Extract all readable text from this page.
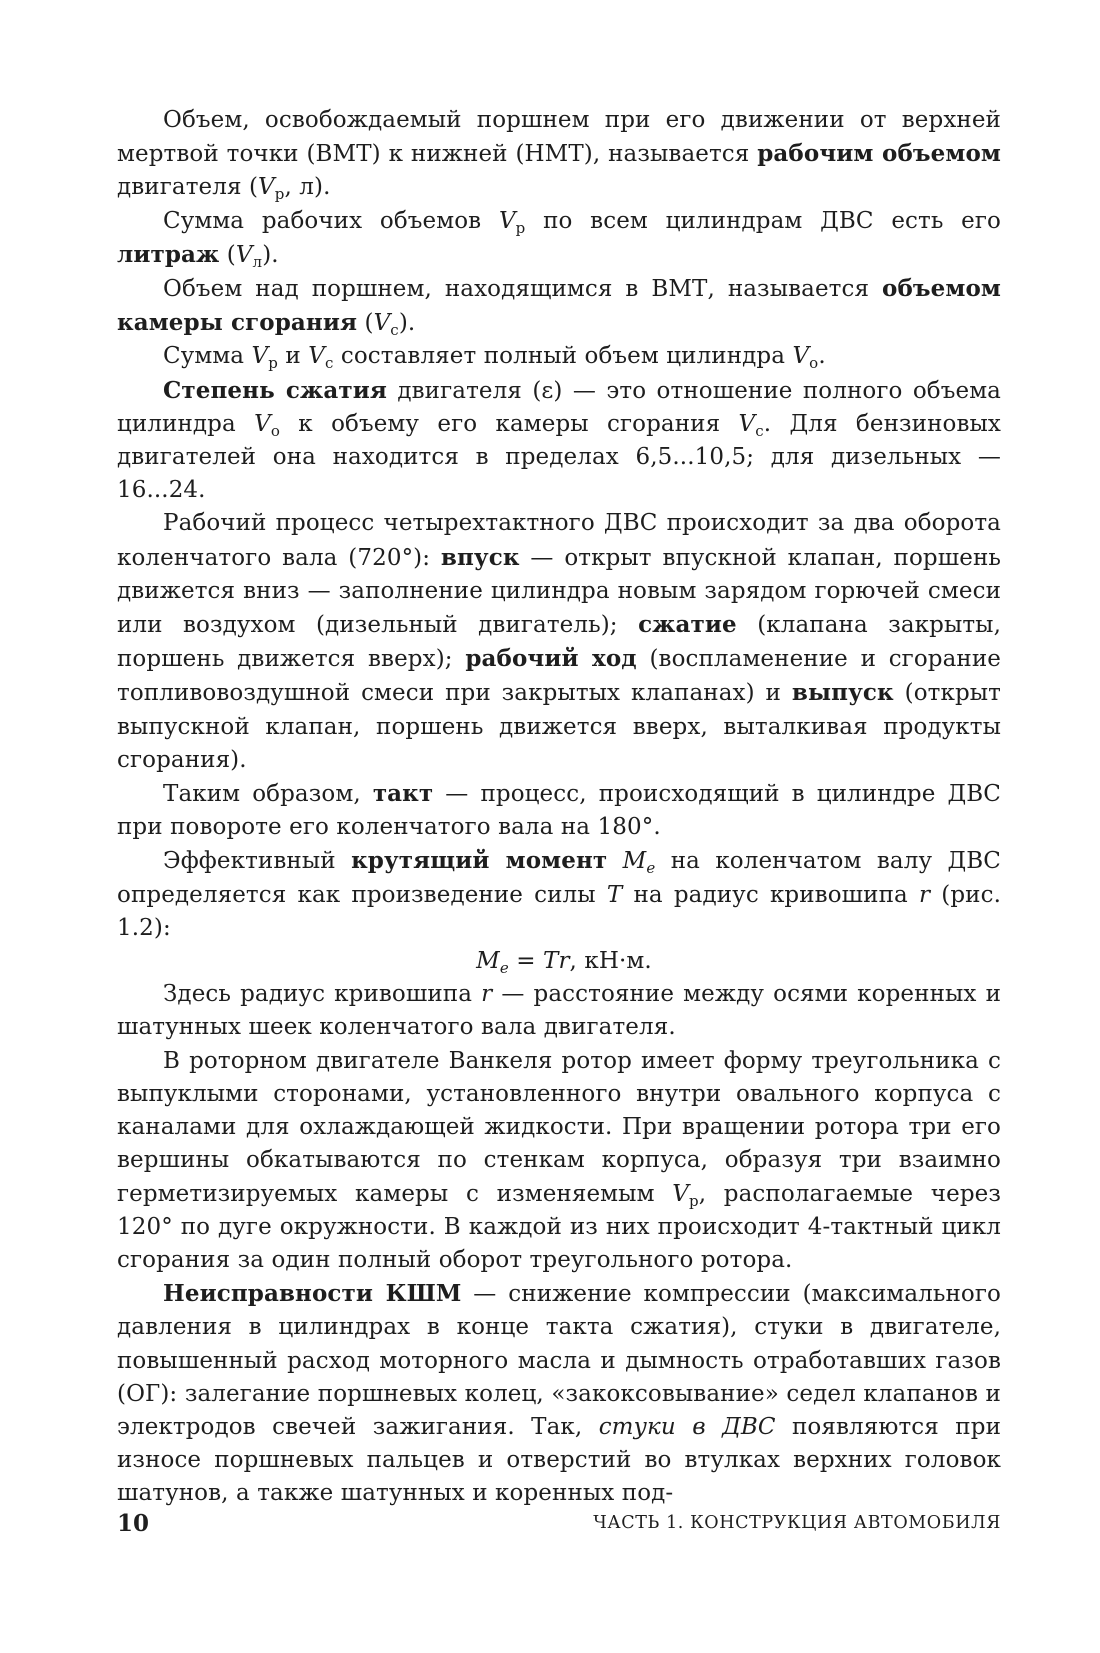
Объем, освобождаемый поршнем при его движении от верхней мертвой точки (ВМТ) к нижней (НМТ), называется рабочим объемом двигателя ($V_р$, л).

Сумма рабочих объемов $V_р$ по всем цилиндрам ДВС есть его литраж $(V_л)$.

Объем над поршнем, находящимся в ВМТ, называется объемом камеры сгорания $(V_с)$.

Сумма $V_р$ и $V_с$ составляет полный объем цилиндра $V_о$.

Степень сжатия двигателя (ε) — это отношение полного объема цилиндра $V_о$ к объему его камеры сгорания $V_с$. Для бензиновых двигателей она находится в пределах 6,5...10,5; для дизельных — 16...24.

Рабочий процесс четырехтактного ДВС происходит за два оборота коленчатого вала (720°): впуск — открыт впускной клапан, поршень движется вниз — заполнение цилиндра новым зарядом горючей смеси или воздухом (дизельный двигатель); сжатие (клапана закрыты, поршень движется вверх); рабочий ход (воспламенение и сгорание топливовоздушной смеси при закрытых клапанах) и выпуск (открыт выпускной клапан, поршень движется вверх, выталкивая продукты сгорания).

Таким образом, такт — процесс, происходящий в цилиндре ДВС при повороте его коленчатого вала на 180°.

Эффективный крутящий момент $M_e$ на коленчатом валу ДВС определяется как произведение силы T на радиус кривошипа r (рис. 1.2):

$M_e = Tr$, кН·м.

Здесь радиус кривошипа r — расстояние между осями коренных и шатунных шеек коленчатого вала двигателя.

В роторном двигателе Ванкеля ротор имеет форму треугольника с выпуклыми сторонами, установленного внутри овального корпуса с каналами для охлаждающей жидкости. При вращении ротора три его вершины обкатываются по стенкам корпуса, образуя три взаимно герметизируемых камеры с изменяемым $V_р$, располагаемые через 120° по дуге окружности. В каждой из них происходит 4-тактный цикл сгорания за один полный оборот треугольного ротора.

Неисправности КШМ — снижение компрессии (максимального давления в цилиндрах в конце такта сжатия), стуки в двигателе, повышенный расход моторного масла и дымность отработавших газов (ОГ): залегание поршневых колец, «закоксовывание» седел клапанов и электродов свечей зажигания. Так, стуки в ДВС появляются при износе поршневых пальцев и отверстий во втулках верхних головок шатунов, а также шатунных и коренных под-

10	ЧАСТЬ 1. КОНСТРУКЦИЯ АВТОМОБИЛЯ
